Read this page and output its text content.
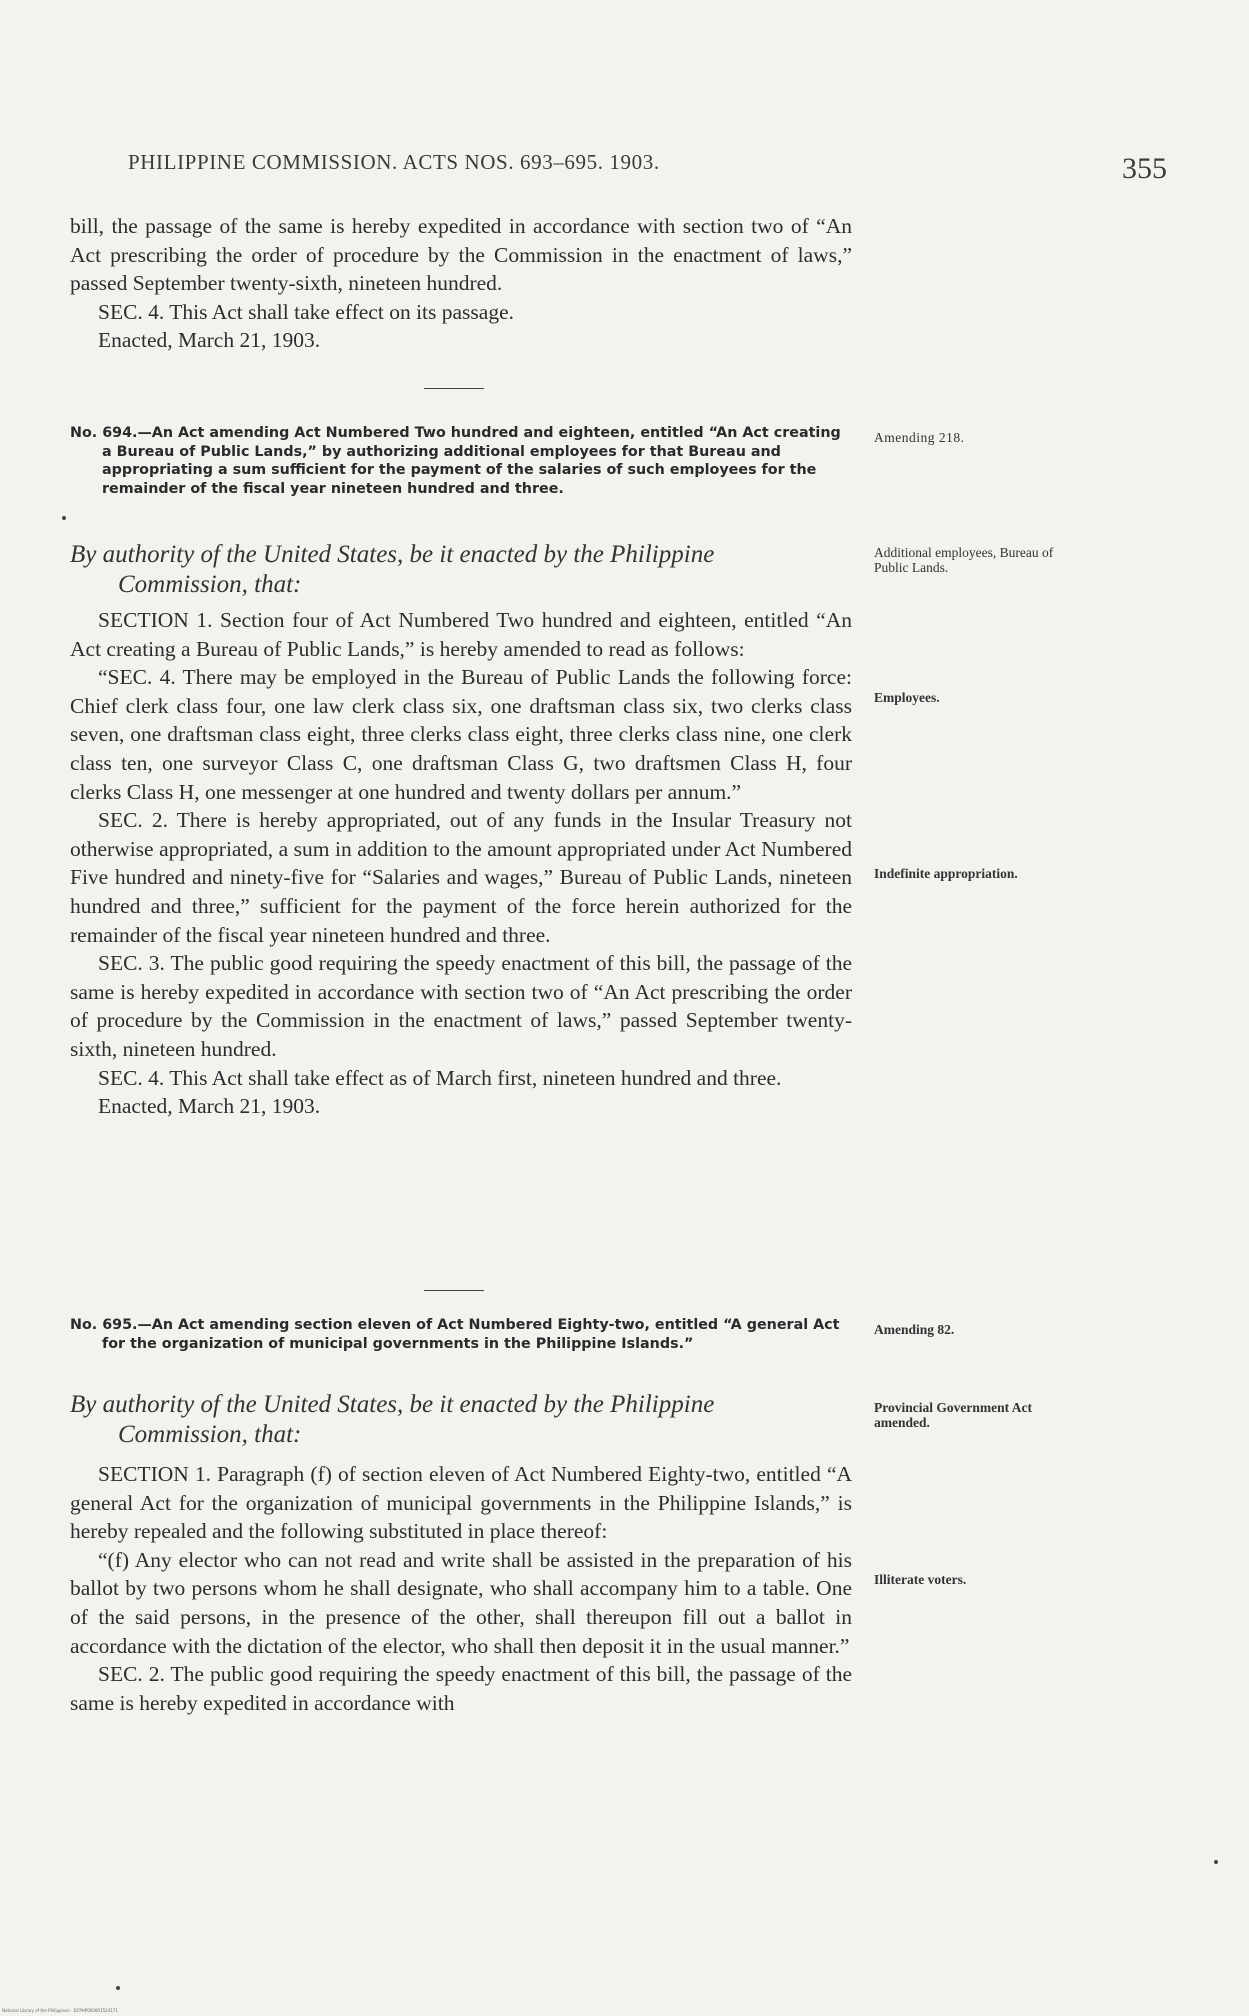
PHILIPPINE COMMISSION. ACTS NOS. 693–695. 1903.	355

bill, the passage of the same is hereby expedited in accordance with section two of “An Act prescribing the order of procedure by the Commission in the enactment of laws,” passed September twenty-sixth, nineteen hundred.

SEC. 4. This Act shall take effect on its passage.

Enacted, March 21, 1903.

No. 694.—An Act amending Act Numbered Two hundred and eighteen, entitled “An Act creating a Bureau of Public Lands,” by authorizing additional employees for that Bureau and appropriating a sum sufficient for the payment of the salaries of such employees for the remainder of the fiscal year nineteen hundred and three.

Amending 218.
By authority of the United States, be it enacted by the Philippine
Commission, that:
Additional employees, Bureau of Public Lands.

SECTION 1. Section four of Act Numbered Two hundred and eighteen, entitled “An Act creating a Bureau of Public Lands,” is hereby amended to read as follows:

“SEC. 4. There may be employed in the Bureau of Public Lands the following force: Chief clerk class four, one law clerk class six, one draftsman class six, two clerks class seven, one draftsman class eight, three clerks class eight, three clerks class nine, one clerk class ten, one surveyor Class C, one draftsman Class G, two draftsmen Class H, four clerks Class H, one messenger at one hundred and twenty dollars per annum.”

SEC. 2. There is hereby appropriated, out of any funds in the Insular Treasury not otherwise appropriated, a sum in addition to the amount appropriated under Act Numbered Five hundred and ninety-five for “Salaries and wages,” Bureau of Public Lands, nineteen hundred and three,” sufficient for the payment of the force herein authorized for the remainder of the fiscal year nineteen hundred and three.

SEC. 3. The public good requiring the speedy enactment of this bill, the passage of the same is hereby expedited in accordance with section two of “An Act prescribing the order of procedure by the Commission in the enactment of laws,” passed September twenty-sixth, nineteen hundred.

SEC. 4. This Act shall take effect as of March first, nineteen hundred and three.

Enacted, March 21, 1903.

Employees.
Indefinite appropriation.

No. 695.—An Act amending section eleven of Act Numbered Eighty-two, entitled “A general Act for the organization of municipal governments in the Philippine Islands.”

Amending 82.
By authority of the United States, be it enacted by the Philippine
Commission, that:
Provincial Government Act amended.

SECTION 1. Paragraph (f) of section eleven of Act Numbered Eighty-two, entitled “A general Act for the organization of municipal governments in the Philippine Islands,” is hereby repealed and the following substituted in place thereof:

“(f) Any elector who can not read and write shall be assisted in the preparation of his ballot by two persons whom he shall designate, who shall accompany him to a table. One of the said persons, in the presence of the other, shall thereupon fill out a ballot in accordance with the dictation of the elector, who shall then deposit it in the usual manner.”

SEC. 2. The public good requiring the speedy enactment of this bill, the passage of the same is hereby expedited in accordance with

Illiterate voters.
National Library of the Philippines · DCPHP000001524171
